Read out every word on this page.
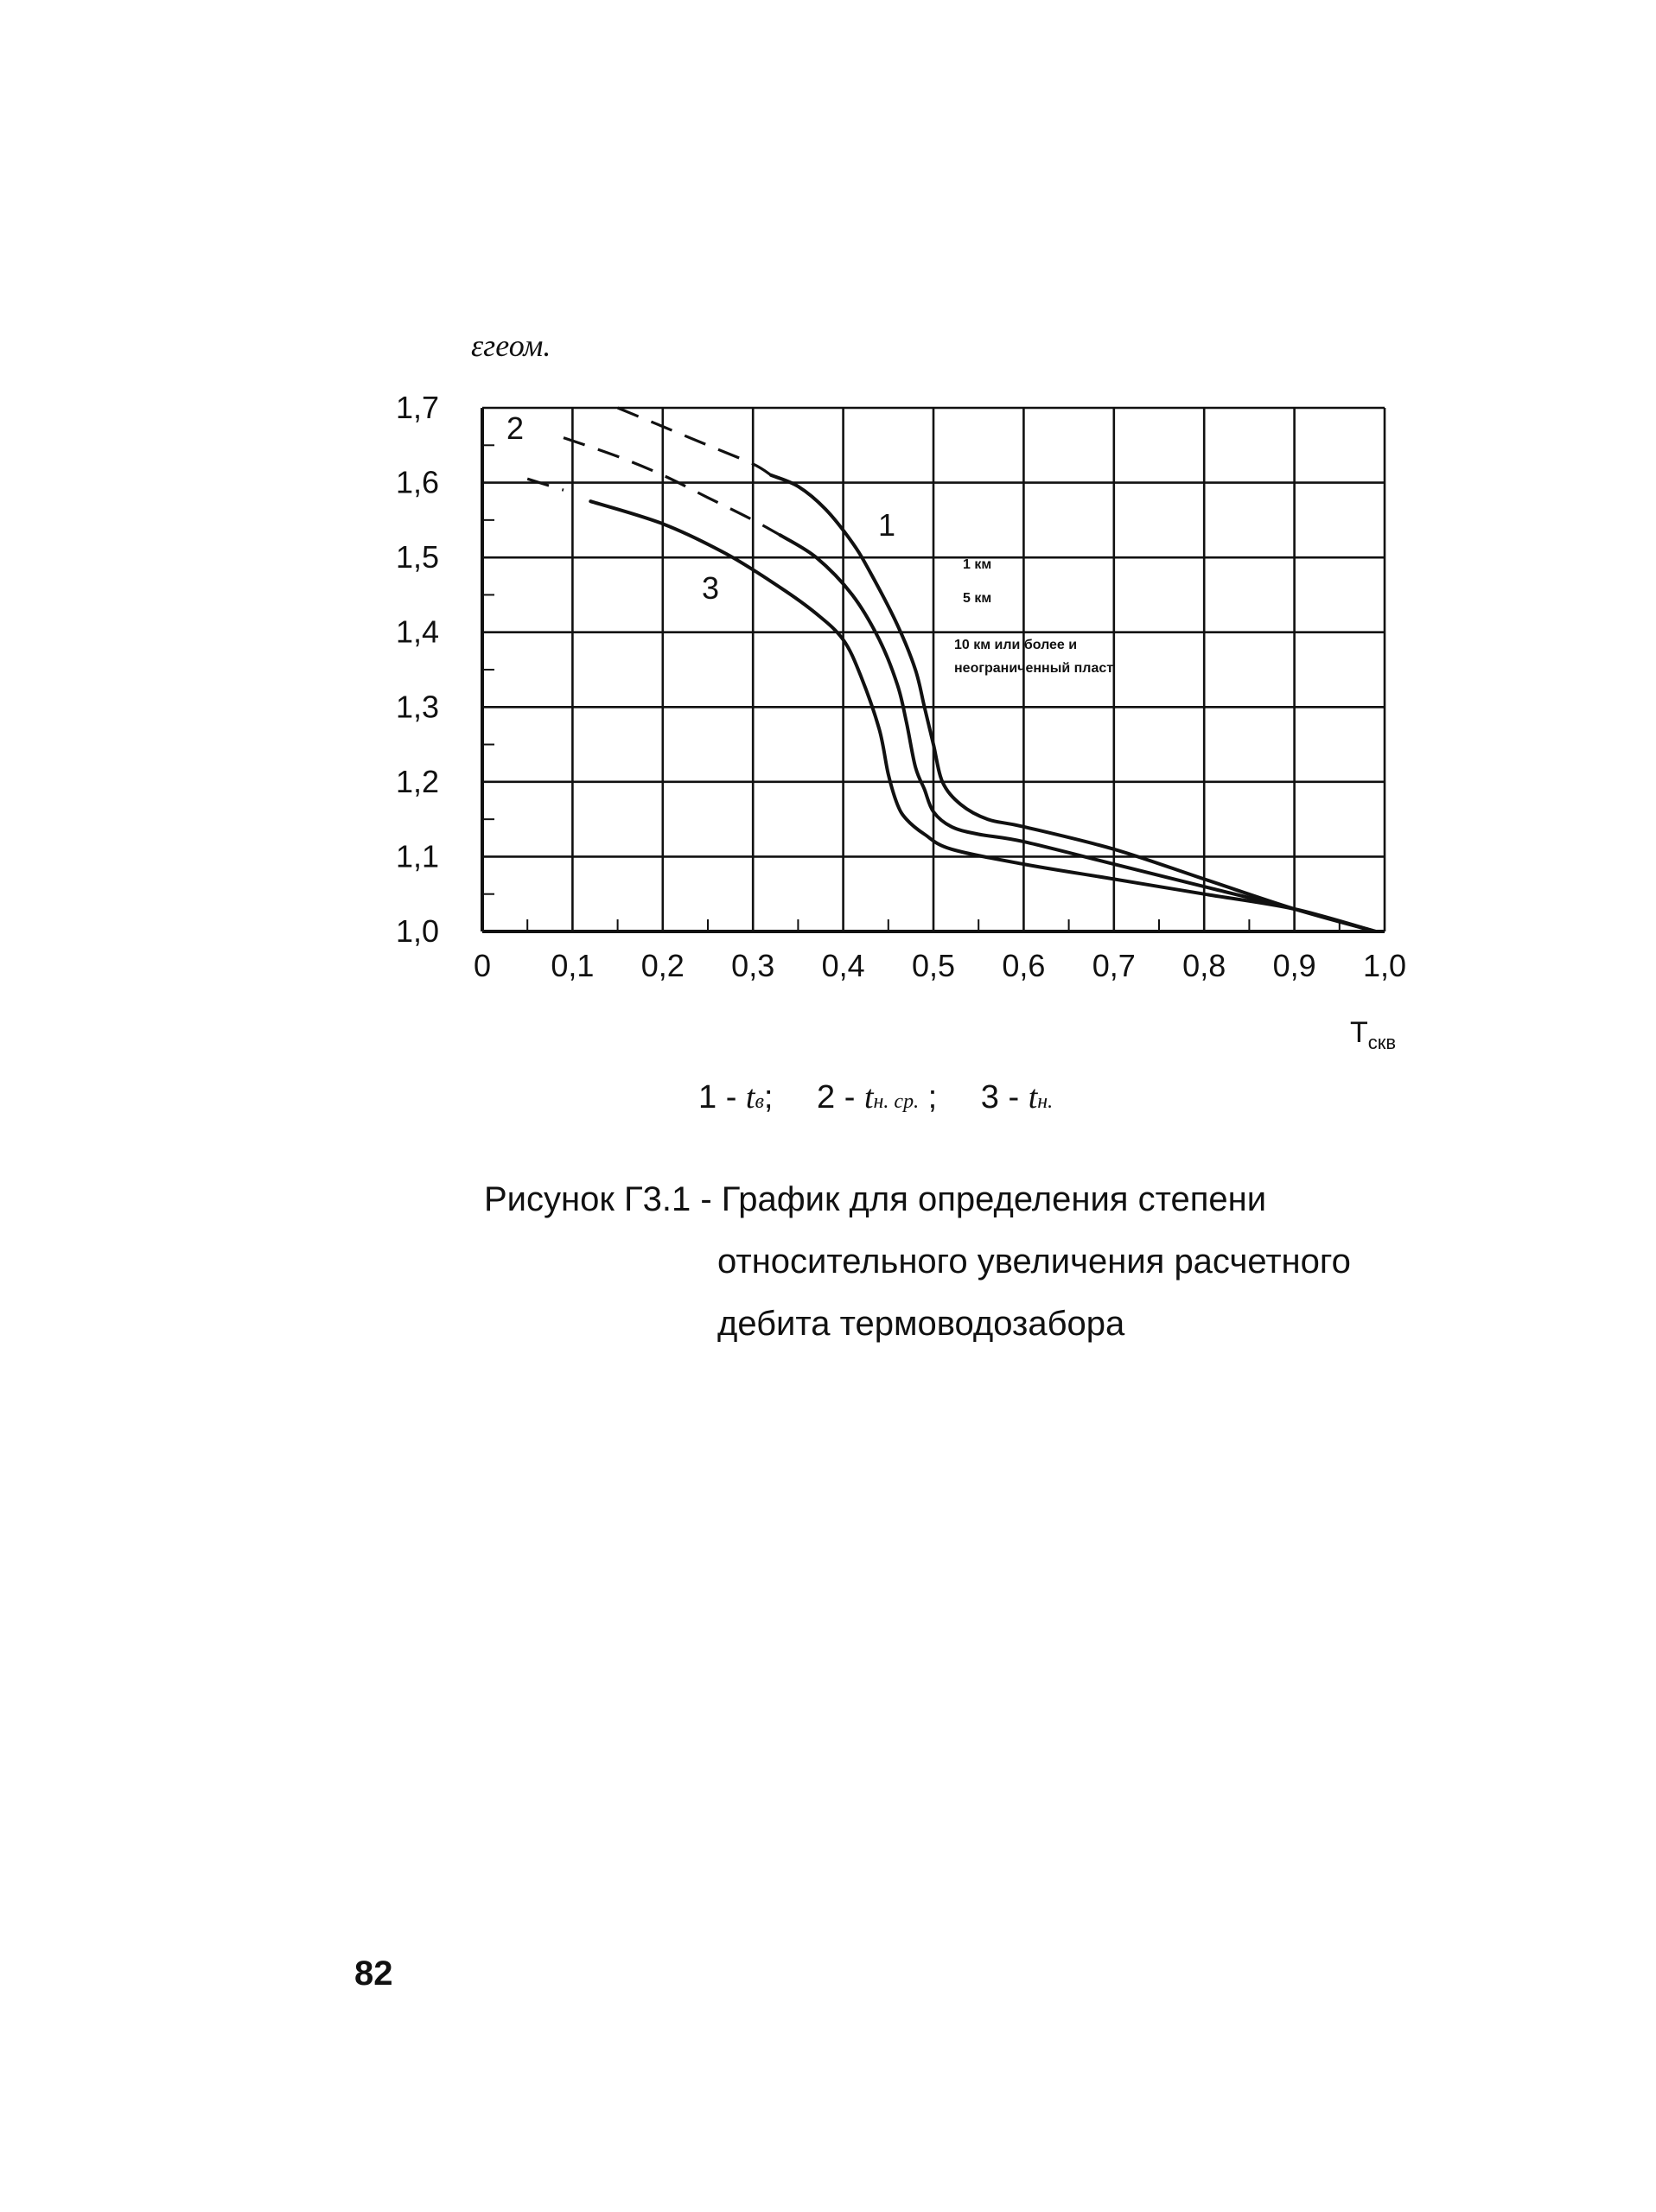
1,0
1,1
1,2
1,3
1,4
1,5
1,6
1,7
0 0,1 0,2 0,3 0,4 0,5 0,6 0,7 0,8 0,9 1,0
εгеом.
$Т_{скв}$
2
1
3
1 км
5 км
10 км или более и
неограниченный пласт
1 - tв; 2 - tн. ср. ; 3 - tн.
Рисунок Г3.1 - График для определения степени
относительного увеличения расчетного
дебита термоводозабора
82
